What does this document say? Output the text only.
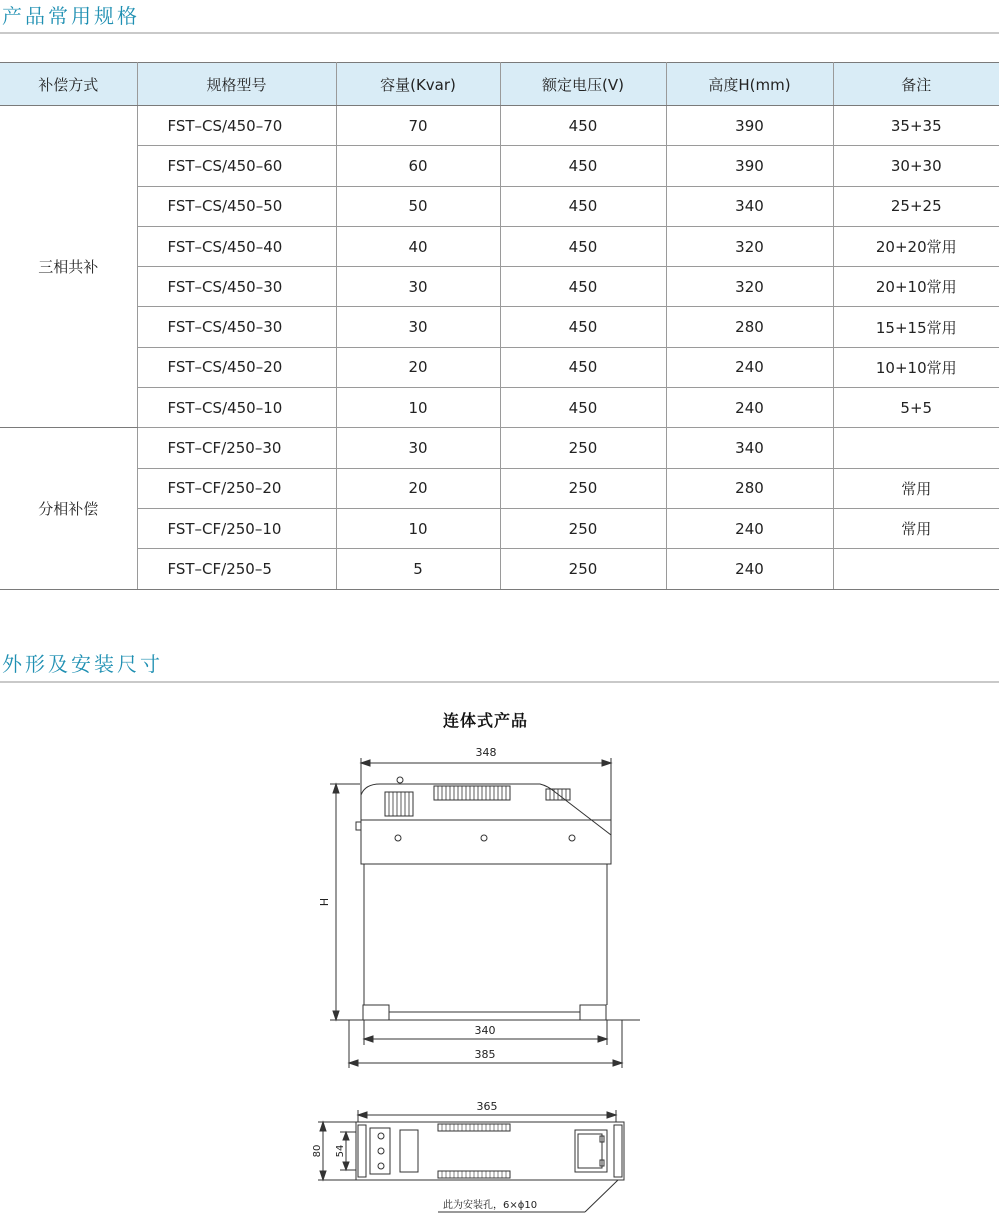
产品常用规格
补偿方式	规格型号	容量(Kvar)	额定电压(V)	高度H(mm)	备注
三相共补	FST–CS/450–70	70	450	390	35+35
	FST–CS/450–60	60	450	390	30+30
	FST–CS/450–50	50	450	340	25+25
	FST–CS/450–40	40	450	320	20+20常用
	FST–CS/450–30	30	450	320	20+10常用
	FST–CS/450–30	30	450	280	15+15常用
	FST–CS/450–20	20	450	240	10+10常用
	FST–CS/450–10	10	450	240	5+5
分相补偿	FST–CF/250–30	30	250	340	
	FST–CF/250–20	20	250	280	常用
	FST–CF/250–10	10	250	240	常用
	FST–CF/250–5	5	250	240	
外形及安装尺寸
连体式产品
348
H
340
385
365
80 54
此为安装孔，6×ϕ10
